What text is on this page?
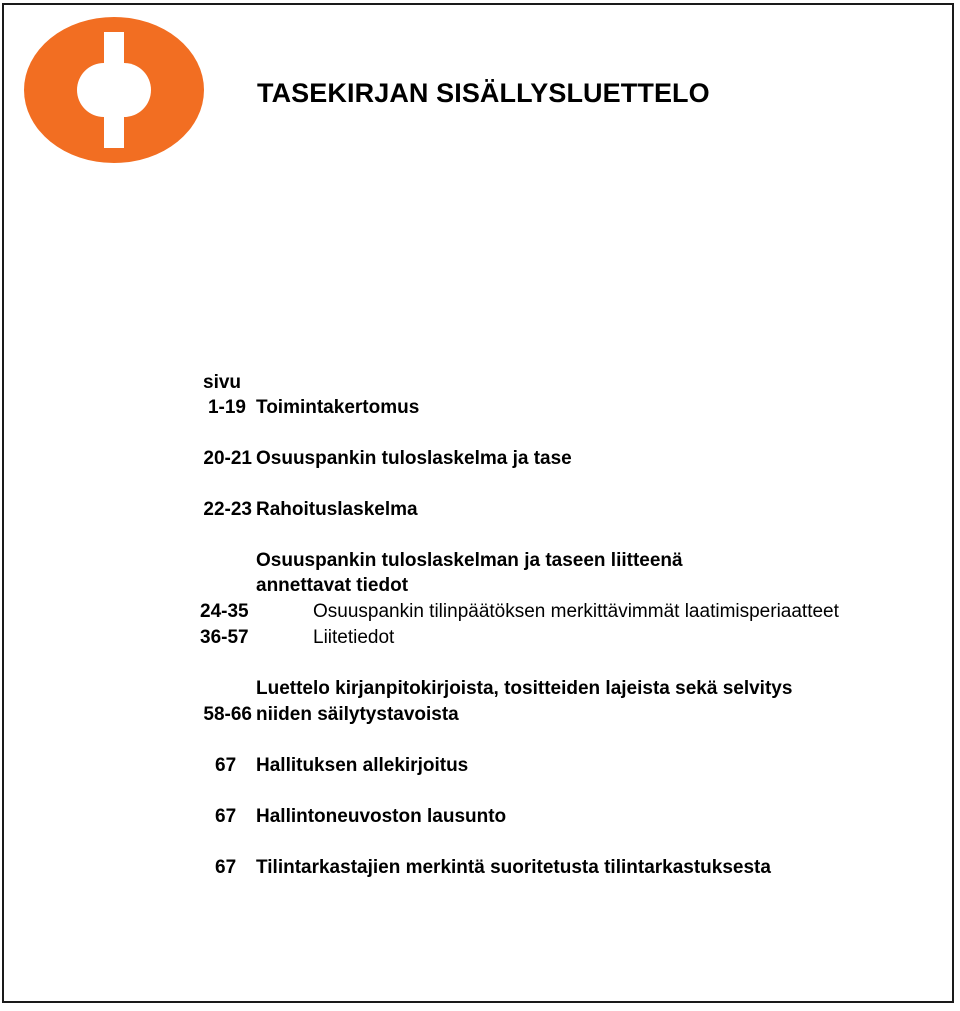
TASEKIRJAN SISÄLLYSLUETTELO
sivu
1-19 Toimintakertomus
20-21 Osuuspankin tuloslaskelma ja tase
22-23 Rahoituslaskelma
Osuuspankin tuloslaskelman ja taseen liitteenä
annettavat tiedot
24-35	Osuuspankin tilinpäätöksen merkittävimmät laatimisperiaatteet
36-57	Liitetiedot
Luettelo kirjanpitokirjoista, tositteiden lajeista sekä selvitys
58-66 niiden säilytystavoista
67 Hallituksen allekirjoitus
67 Hallintoneuvoston lausunto
67 Tilintarkastajien merkintä suoritetusta tilintarkastuksesta
